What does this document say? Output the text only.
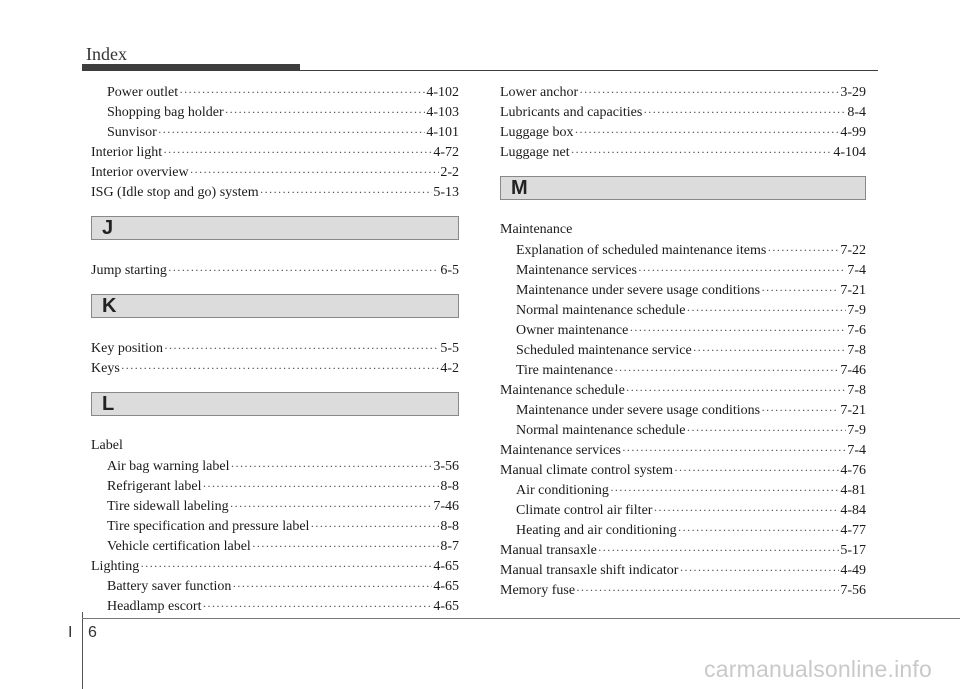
Index
Power outlet ·····	4-102
Shopping bag holder ·····	4-103
Sunvisor ·····	4-101
Interior light ·····	4-72
Interior overview ·····	2-2
ISG (Idle stop and go) system ·····	5-13
J
Jump starting ·····	6-5
K
Key position ·····	5-5
Keys ·····	4-2
L
Label
Air bag warning label ·····	3-56
Refrigerant label ·····	8-8
Tire sidewall labeling ·····	7-46
Tire specification and pressure label ·····	8-8
Vehicle certification label ·····	8-7
Lighting ·····	4-65
Battery saver function ·····	4-65
Headlamp escort ·····	4-65
Lower anchor ·····	3-29
Lubricants and capacities ·····	8-4
Luggage box ·····	4-99
Luggage net ·····	4-104
M
Maintenance
Explanation of scheduled maintenance items ·····	7-22
Maintenance services ·····	7-4
Maintenance under severe usage conditions ·····	7-21
Normal maintenance schedule ·····	7-9
Owner maintenance ·····	7-6
Scheduled maintenance service ·····	7-8
Tire maintenance ·····	7-46
Maintenance schedule ·····	7-8
Maintenance under severe usage conditions ·····	7-21
Normal maintenance schedule ·····	7-9
Maintenance services ·····	7-4
Manual climate control system ·····	4-76
Air conditioning ·····	4-81
Climate control air filter ·····	4-84
Heating and air conditioning ·····	4-77
Manual transaxle ·····	5-17
Manual transaxle shift indicator ·····	4-49
Memory fuse ·····	7-56
I 6
carmanualsonline.info
